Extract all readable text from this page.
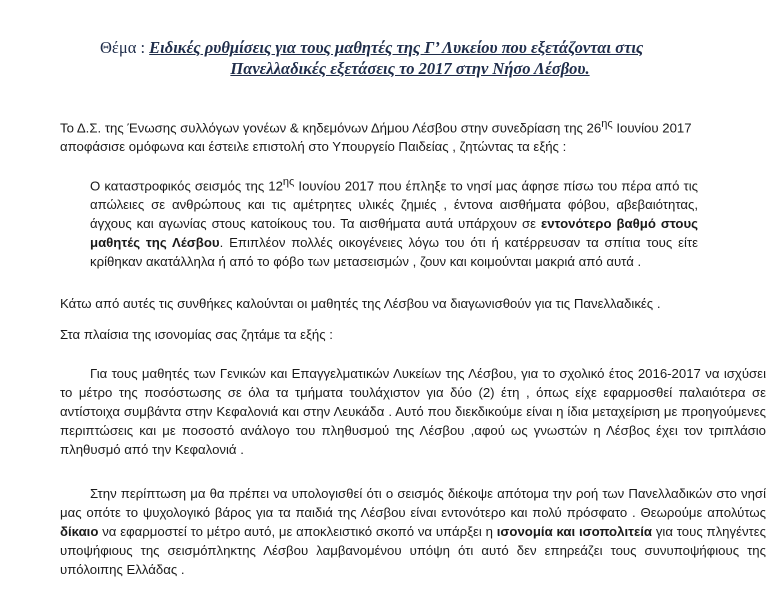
Θέμα : Ειδικές ρυθμίσεις για τους μαθητές της Γ’ Λυκείου που εξετάζονται στις
Πανελλαδικές εξετάσεις το 2017 στην Νήσο Λέσβου.

Το Δ.Σ. της Ένωσης συλλόγων γονέων & κηδεμόνων Δήμου Λέσβου στην συνεδρίαση της $26^{\eta\varsigma}$ Ιουνίου 2017 αποφάσισε ομόφωνα και έστειλε επιστολή στο Υπουργείο Παιδείας , ζητώντας τα εξής :

Ο καταστροφικός σεισμός της $12^{\eta\varsigma}$ Ιουνίου 2017 που έπληξε το νησί μας άφησε πίσω του πέρα από τις απώλειες σε ανθρώπους και τις αμέτρητες υλικές ζημιές , έντονα αισθήματα φόβου, αβεβαιότητας, άγχους και αγωνίας στους κατοίκους του. Τα αισθήματα αυτά υπάρχουν σε εντονότερο βαθμό στους μαθητές της Λέσβου. Επιπλέον πολλές οικογένειες λόγω του ότι ή κατέρρευσαν τα σπίτια τους είτε κρίθηκαν ακατάλληλα ή από το φόβο των μετασεισμών , ζουν και κοιμούνται μακριά από αυτά .

Κάτω από αυτές τις συνθήκες καλούνται οι μαθητές της Λέσβου να διαγωνισθούν για τις Πανελλαδικές .

Στα πλαίσια της ισονομίας σας ζητάμε τα εξής :

Για τους μαθητές των Γενικών και Επαγγελματικών Λυκείων της Λέσβου, για το σχολικό έτος 2016-2017 να ισχύσει το μέτρο της ποσόστωσης σε όλα τα τμήματα τουλάχιστον για δύο (2) έτη , όπως είχε εφαρμοσθεί παλαιότερα σε αντίστοιχα συμβάντα στην Κεφαλονιά και στην Λευκάδα . Αυτό που διεκδικούμε είναι η ίδια μεταχείριση με προηγούμενες περιπτώσεις και με ποσοστό ανάλογο του πληθυσμού της Λέσβου ,αφού ως γνωστών η Λέσβος έχει τον τριπλάσιο πληθυσμό από την Κεφαλονιά .

Στην περίπτωση μα θα πρέπει να υπολογισθεί ότι ο σεισμός διέκοψε απότομα την ροή των Πανελλαδικών στο νησί μας οπότε το ψυχολογικό βάρος για τα παιδιά της Λέσβου είναι εντονότερο και πολύ πρόσφατο . Θεωρούμε απολύτως δίκαιο να εφαρμοστεί το μέτρο αυτό, με αποκλειστικό σκοπό να υπάρξει η ισονομία και ισοπολιτεία για τους πληγέντες υποψήφιους της σεισμόπληκτης Λέσβου λαμβανομένου υπόψη ότι αυτό δεν επηρεάζει τους συνυποψήφιους της υπόλοιπης Ελλάδας .
